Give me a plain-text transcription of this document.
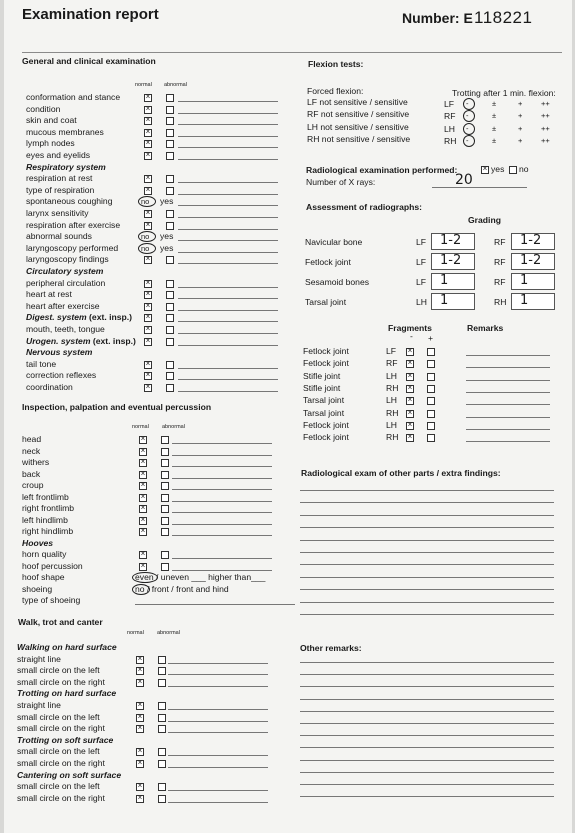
Examination report	Number: E 118221
General and clinical examination
normal abnormal
conformation and stance
×
condition
×
skin and coat
×
mucous membranes
×
lymph nodes
×
eyes and eyelids
×
Respiratory system
respiration at rest
×
type of respiration
×
spontaneous coughing	no yes
larynx sensitivity
×
respiration after exercise
×
abnormal sounds	no yes
laryngoscopy performed	no yes
laryngoscopy findings
×
Circulatory system
peripheral circulation
×
heart at rest
×
heart after exercise
×
Digest. system (ext. insp.)
×
mouth, teeth, tongue
×
Urogen. system (ext. insp.)
×
Nervous system
tail tone
×
correction reflexes
×
coordination
×
Inspection, palpation and eventual percussion
normal abnormal
head
×
neck
×
withers
×
back
×
croup
×
left frontlimb
×
right frontlimb
×
left hindlimb
×
right hindlimb
×
Hooves
horn quality
×
hoof percussion
×
hoof shape	even / uneven ___ higher than___
shoeing	no / front / front and hind
type of shoeing
Walk, trot and canter
normal abnormal
Walking on hard surface
straight line
×
small circle on the left
×
small circle on the right
×
Trotting on hard surface
straight line
×
small circle on the left
×
small circle on the right
×
Trotting on soft surface
small circle on the left
×
small circle on the right
×
Cantering on soft surface
small circle on the left
×
small circle on the right
×
Flexion tests:
Forced flexion:	Trotting after 1 min. flexion:
LF not sensitive / sensitive	LF -	±	+ ++
RF not sensitive / sensitive	RF -	±	+ ++
LH not sensitive / sensitive	LH -	±	+ ++
RH not sensitive / sensitive	RH -	±	+ ++
Radiological examination performed:
×	yes no
Number of X rays:	20
Assessment of radiographs:
Grading
Navicular bone	LF 1-2	RF 1-2
Fetlock joint	LF 1-2	RF 1-2
Sesamoid bones	LF 1	RF 1
Tarsal joint	LH 1	RH 1
Fragments	Remarks
- +
Fetlock joint	LF
×
Fetlock joint	RF
×
Stifle joint	LH
×
Stifle joint	RH
×
Tarsal joint	LH
×
Tarsal joint	RH
×
Fetlock joint	LH
×
Fetlock joint	RH
×
Radiological exam of other parts / extra findings:
Other remarks:
